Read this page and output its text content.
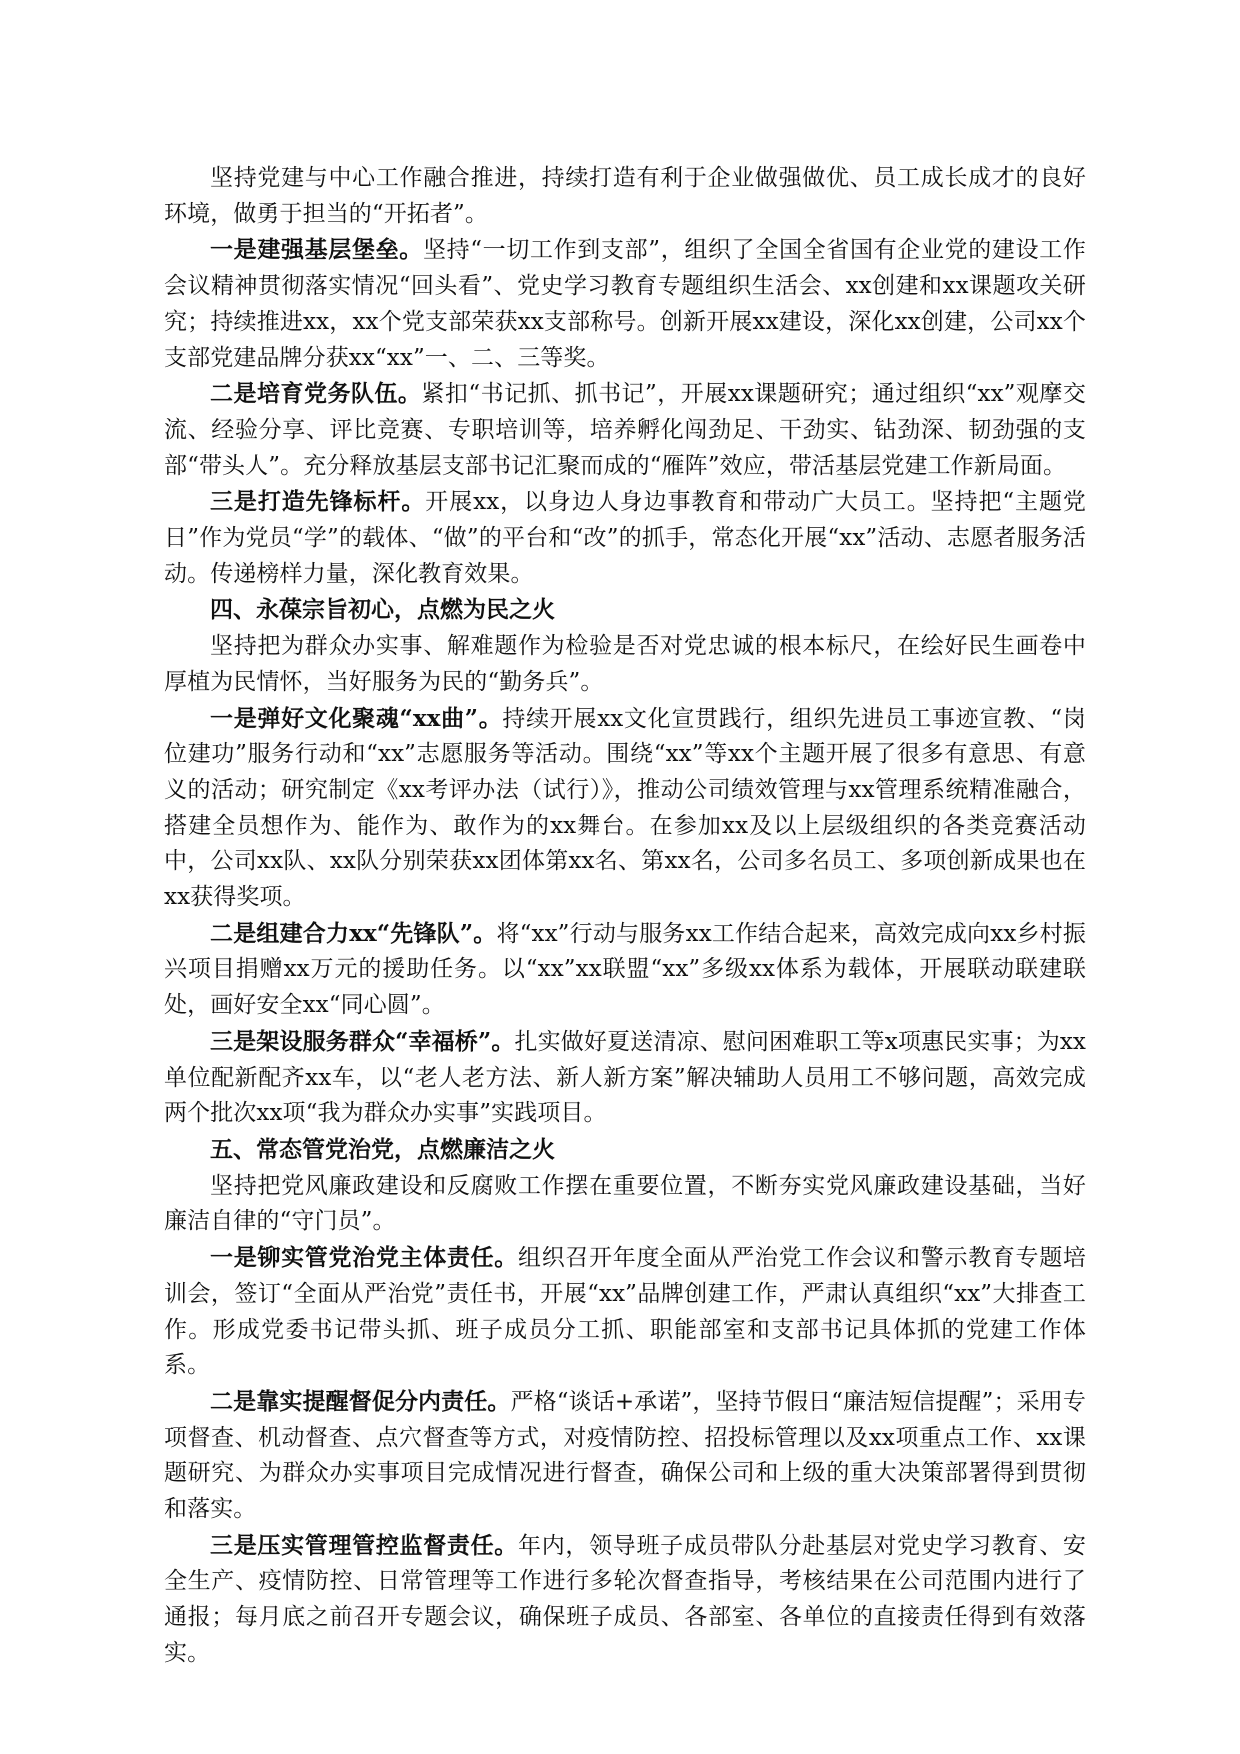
坚持党建与中心工作融合推进，持续打造有利于企业做强做优、员工成长成才的良好环境，做勇于担当的“开拓者”。

一是建强基层堡垒。坚持“一切工作到支部”，组织了全国全省国有企业党的建设工作会议精神贯彻落实情况“回头看”、党史学习教育专题组织生活会、xx创建和xx课题攻关研究；持续推进xx，xx个党支部荣获xx支部称号。创新开展xx建设，深化xx创建，公司xx个支部党建品牌分获xx“xx”一、二、三等奖。

二是培育党务队伍。紧扣“书记抓、抓书记”，开展xx课题研究；通过组织“xx”观摩交流、经验分享、评比竞赛、专职培训等，培养孵化闯劲足、干劲实、钻劲深、韧劲强的支部“带头人”。充分释放基层支部书记汇聚而成的“雁阵”效应，带活基层党建工作新局面。

三是打造先锋标杆。开展xx，以身边人身边事教育和带动广大员工。坚持把“主题党日”作为党员“学”的载体、“做”的平台和“改”的抓手，常态化开展“xx”活动、志愿者服务活动。传递榜样力量，深化教育效果。

四、永葆宗旨初心，点燃为民之火

坚持把为群众办实事、解难题作为检验是否对党忠诚的根本标尺，在绘好民生画卷中厚植为民情怀，当好服务为民的“勤务兵”。

一是弹好文化聚魂“xx曲”。持续开展xx文化宣贯践行，组织先进员工事迹宣教、“岗位建功”服务行动和“xx”志愿服务等活动。围绕“xx”等xx个主题开展了很多有意思、有意义的活动；研究制定《xx考评办法（试行）》，推动公司绩效管理与xx管理系统精准融合，搭建全员想作为、能作为、敢作为的xx舞台。在参加xx及以上层级组织的各类竞赛活动中，公司xx队、xx队分别荣获xx团体第xx名、第xx名，公司多名员工、多项创新成果也在xx获得奖项。

二是组建合力xx“先锋队”。将“xx”行动与服务xx工作结合起来，高效完成向xx乡村振兴项目捐赠xx万元的援助任务。以“xx”xx联盟“xx”多级xx体系为载体，开展联动联建联处，画好安全xx“同心圆”。

三是架设服务群众“幸福桥”。扎实做好夏送清凉、慰问困难职工等x项惠民实事；为xx单位配新配齐xx车，以“老人老方法、新人新方案”解决辅助人员用工不够问题，高效完成两个批次xx项“我为群众办实事”实践项目。

五、常态管党治党，点燃廉洁之火

坚持把党风廉政建设和反腐败工作摆在重要位置，不断夯实党风廉政建设基础，当好廉洁自律的“守门员”。

一是铆实管党治党主体责任。组织召开年度全面从严治党工作会议和警示教育专题培训会，签订“全面从严治党”责任书，开展“xx”品牌创建工作，严肃认真组织“xx”大排查工作。形成党委书记带头抓、班子成员分工抓、职能部室和支部书记具体抓的党建工作体系。

二是靠实提醒督促分内责任。严格“谈话+承诺”，坚持节假日“廉洁短信提醒”；采用专项督查、机动督查、点穴督查等方式，对疫情防控、招投标管理以及xx项重点工作、xx课题研究、为群众办实事项目完成情况进行督查，确保公司和上级的重大决策部署得到贯彻和落实。

三是压实管理管控监督责任。年内，领导班子成员带队分赴基层对党史学习教育、安全生产、疫情防控、日常管理等工作进行多轮次督查指导，考核结果在公司范围内进行了通报；每月底之前召开专题会议，确保班子成员、各部室、各单位的直接责任得到有效落实。
